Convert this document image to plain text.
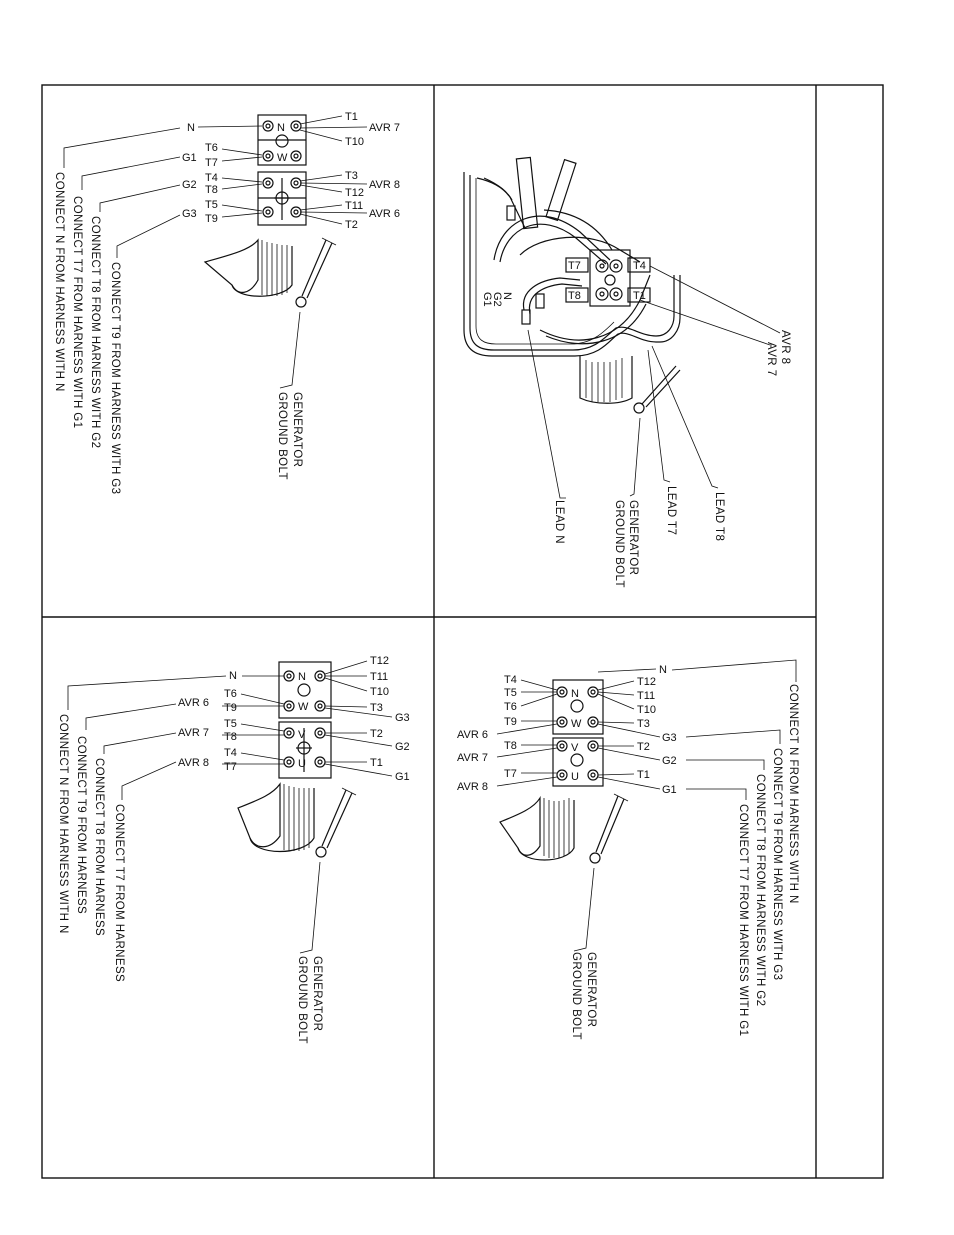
N
W
T6
T7
T4
T8
T5
T9
N
G1
G2
G3
T1
AVR 7
T10
T3
AVR 8
T12
T11
AVR 6
T2
CONNECT N FROM HARNESS WITH N CONNECT T7 FROM HARNESS WITH G1 CONNECT T8 FROM HARNESS WITH G2 CONNECT T9 FROM HARNESS WITH G3	GENERATOR
GROUND BOLT
T7	T4
T8	T1
N
G2
G1
AVR 8
AVR 7
LEAD N	GENERATOR
GROUND BOLT	LEAD T7	LEAD T8
N
W
V
U
N
AVR 6
AVR 7
AVR 8
T6
T9
T5
T8
T4
T7
T12
T11
T10
T3
G3
T2
G2
T1
G1
CONNECT N FROM HARNESS WITH N CONNECT T9 FROM HARNESS CONNECT T8 FROM HARNESS CONNECT T7 FROM HARNESS
GENERATOR
GROUND BOLT
N
W
V
U
T4
T5
T6
T9
AVR 6
T8
AVR 7
T7
AVR 8
N
T12
T11
T10
T3
G3
T2
G2
T1
G1	CONNECT N FROM HARNESS WITH N
CONNECT T9 FROM HARNESS WITH G3
CONNECT T8 FROM HARNESS WITH G2
CONNECT T7 FROM HARNESS WITH G1
GENERATOR
GROUND BOLT
